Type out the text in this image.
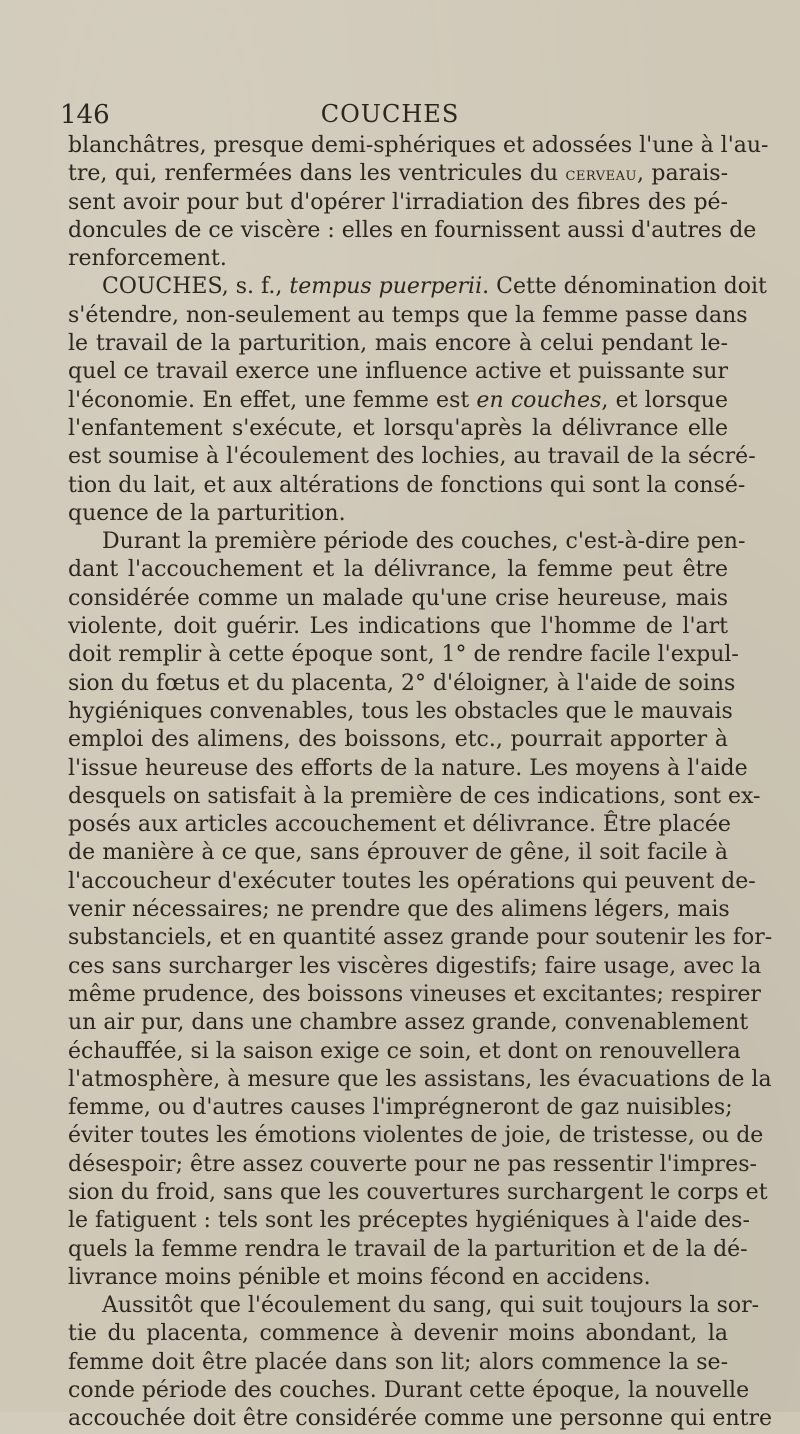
146	COUCHES
blanchâtres, presque demi-sphériques et adossées l'une à l'au-
tre, qui, renfermées dans les ventricules du cerveau, parais-
sent avoir pour but d'opérer l'irradiation des fibres des pé-
doncules de ce viscère : elles en fournissent aussi d'autres de
renforcement.
COUCHES, s. f., tempus puerperii. Cette dénomination doit
s'étendre, non-seulement au temps que la femme passe dans
le travail de la parturition, mais encore à celui pendant le-
quel ce travail exerce une influence active et puissante sur
l'économie. En effet, une femme est en couches, et lorsque
l'enfantement s'exécute, et lorsqu'après la délivrance elle
est soumise à l'écoulement des lochies, au travail de la sécré-
tion du lait, et aux altérations de fonctions qui sont la consé-
quence de la parturition.
Durant la première période des couches, c'est-à-dire pen-
dant l'accouchement et la délivrance, la femme peut être
considérée comme un malade qu'une crise heureuse, mais
violente, doit guérir. Les indications que l'homme de l'art
doit remplir à cette époque sont, 1° de rendre facile l'expul-
sion du fœtus et du placenta, 2° d'éloigner, à l'aide de soins
hygiéniques convenables, tous les obstacles que le mauvais
emploi des alimens, des boissons, etc., pourrait apporter à
l'issue heureuse des efforts de la nature. Les moyens à l'aide
desquels on satisfait à la première de ces indications, sont ex-
posés aux articles accouchement et délivrance. Être placée
de manière à ce que, sans éprouver de gêne, il soit facile à
l'accoucheur d'exécuter toutes les opérations qui peuvent de-
venir nécessaires; ne prendre que des alimens légers, mais
substanciels, et en quantité assez grande pour soutenir les for-
ces sans surcharger les viscères digestifs; faire usage, avec la
même prudence, des boissons vineuses et excitantes; respirer
un air pur, dans une chambre assez grande, convenablement
échauffée, si la saison exige ce soin, et dont on renouvellera
l'atmosphère, à mesure que les assistans, les évacuations de la
femme, ou d'autres causes l'imprégneront de gaz nuisibles;
éviter toutes les émotions violentes de joie, de tristesse, ou de
désespoir; être assez couverte pour ne pas ressentir l'impres-
sion du froid, sans que les couvertures surchargent le corps et
le fatiguent : tels sont les préceptes hygiéniques à l'aide des-
quels la femme rendra le travail de la parturition et de la dé-
livrance moins pénible et moins fécond en accidens.
Aussitôt que l'écoulement du sang, qui suit toujours la sor-
tie du placenta, commence à devenir moins abondant, la
femme doit être placée dans son lit; alors commence la se-
conde période des couches. Durant cette époque, la nouvelle
accouchée doit être considérée comme une personne qui entre
